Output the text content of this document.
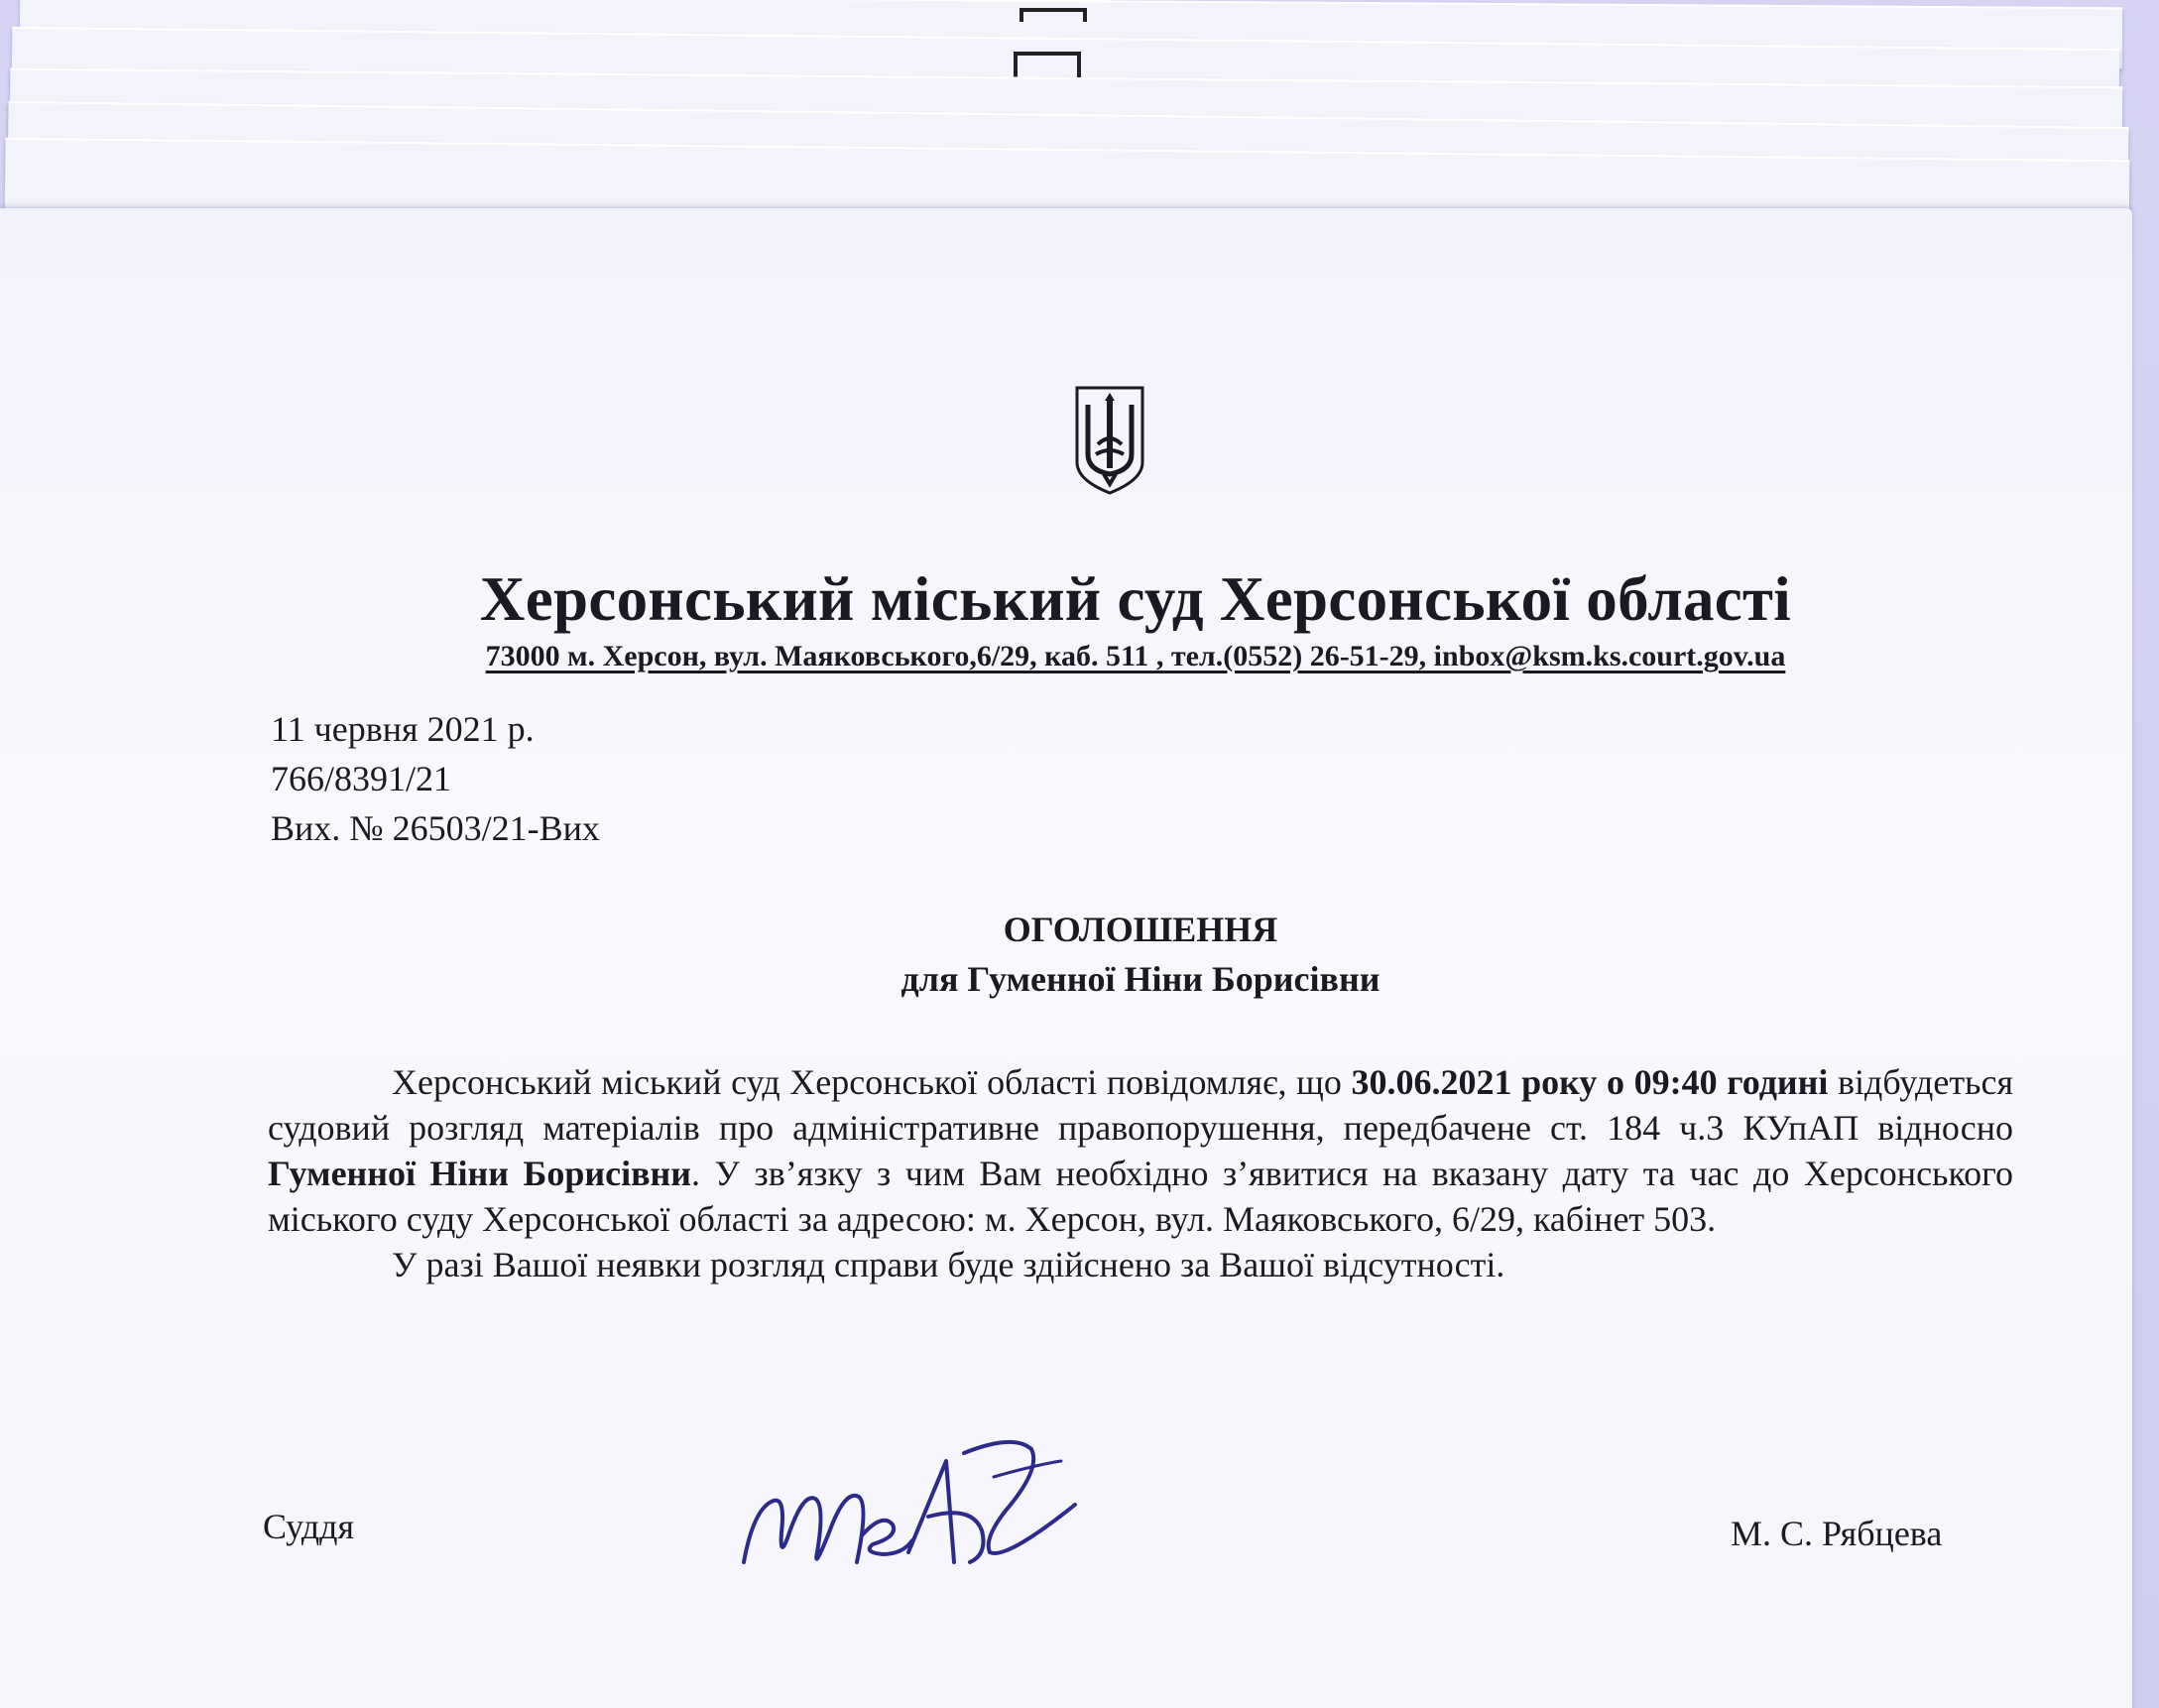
Херсонський міський суд Херсонської області
73000 м. Херсон, вул. Маяковського,6/29, каб. 511 , тел.(0552) 26-51-29, inbox@ksm.ks.court.gov.ua
11 червня 2021 р.
766/8391/21
Вих. № 26503/21-Вих
ОГОЛОШЕННЯ
для Гуменної Ніни Борисівни

Херсонський міський суд Херсонської області повідомляє, що 30.06.2021 року о 09:40 годині відбудеться судовий розгляд матеріалів про адміністративне правопорушення, передбачене ст. 184 ч.3 КУпАП відносно Гуменної Ніни Борисівни. У зв’язку з чим Вам необхідно з’явитися на вказану дату та час до Херсонського міського суду Херсонської області за адресою: м. Херсон, вул. Маяковського, 6/29, кабінет 503.

У разі Вашої неявки розгляд справи буде здійснено за Вашої відсутності.

Суддя	М. С. Рябцева
